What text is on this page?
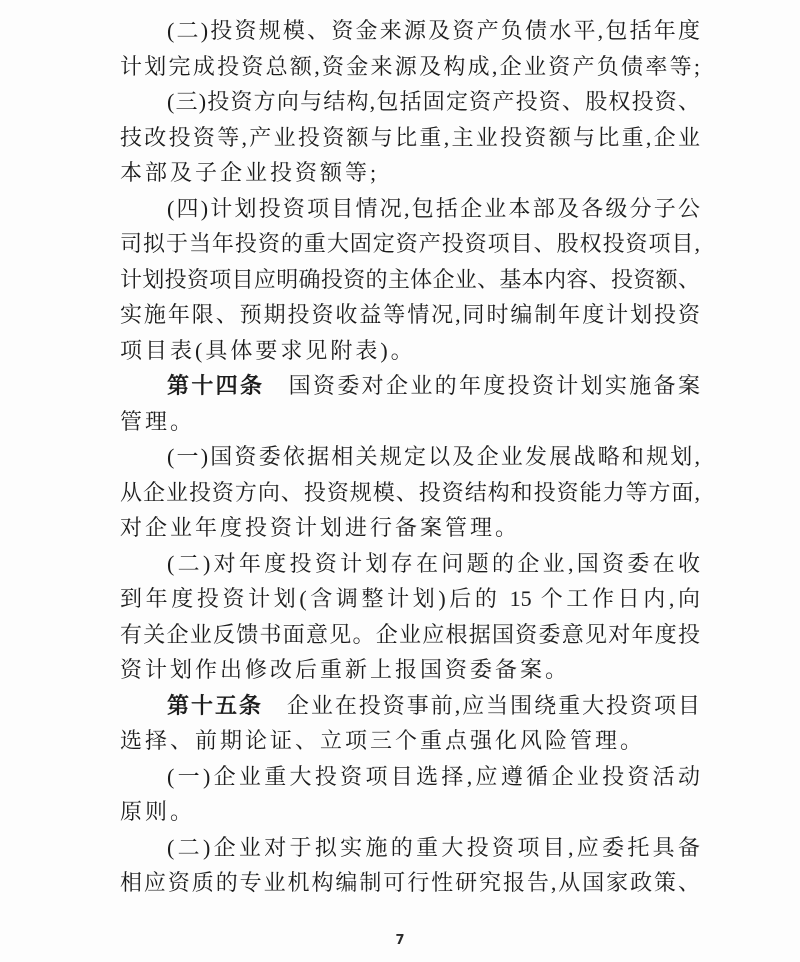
(二)投资规模、资金来源及资产负债水平,包括年度
计划完成投资总额,资金来源及构成,企业资产负债率等;
(三)投资方向与结构,包括固定资产投资、股权投资、
技改投资等,产业投资额与比重,主业投资额与比重,企业
本部及子企业投资额等;
(四)计划投资项目情况,包括企业本部及各级分子公
司拟于当年投资的重大固定资产投资项目、股权投资项目,
计划投资项目应明确投资的主体企业、基本内容、投资额、
实施年限、预期投资收益等情况,同时编制年度计划投资
项目表(具体要求见附表)。
第十四条　国资委对企业的年度投资计划实施备案
管理。
(一)国资委依据相关规定以及企业发展战略和规划,
从企业投资方向、投资规模、投资结构和投资能力等方面,
对企业年度投资计划进行备案管理。
(二)对年度投资计划存在问题的企业,国资委在收
到年度投资计划(含调整计划)后的 15 个工作日内,向
有关企业反馈书面意见。企业应根据国资委意见对年度投
资计划作出修改后重新上报国资委备案。
第十五条　企业在投资事前,应当围绕重大投资项目
选择、前期论证、立项三个重点强化风险管理。
(一)企业重大投资项目选择,应遵循企业投资活动
原则。
(二)企业对于拟实施的重大投资项目,应委托具备
相应资质的专业机构编制可行性研究报告,从国家政策、
7
